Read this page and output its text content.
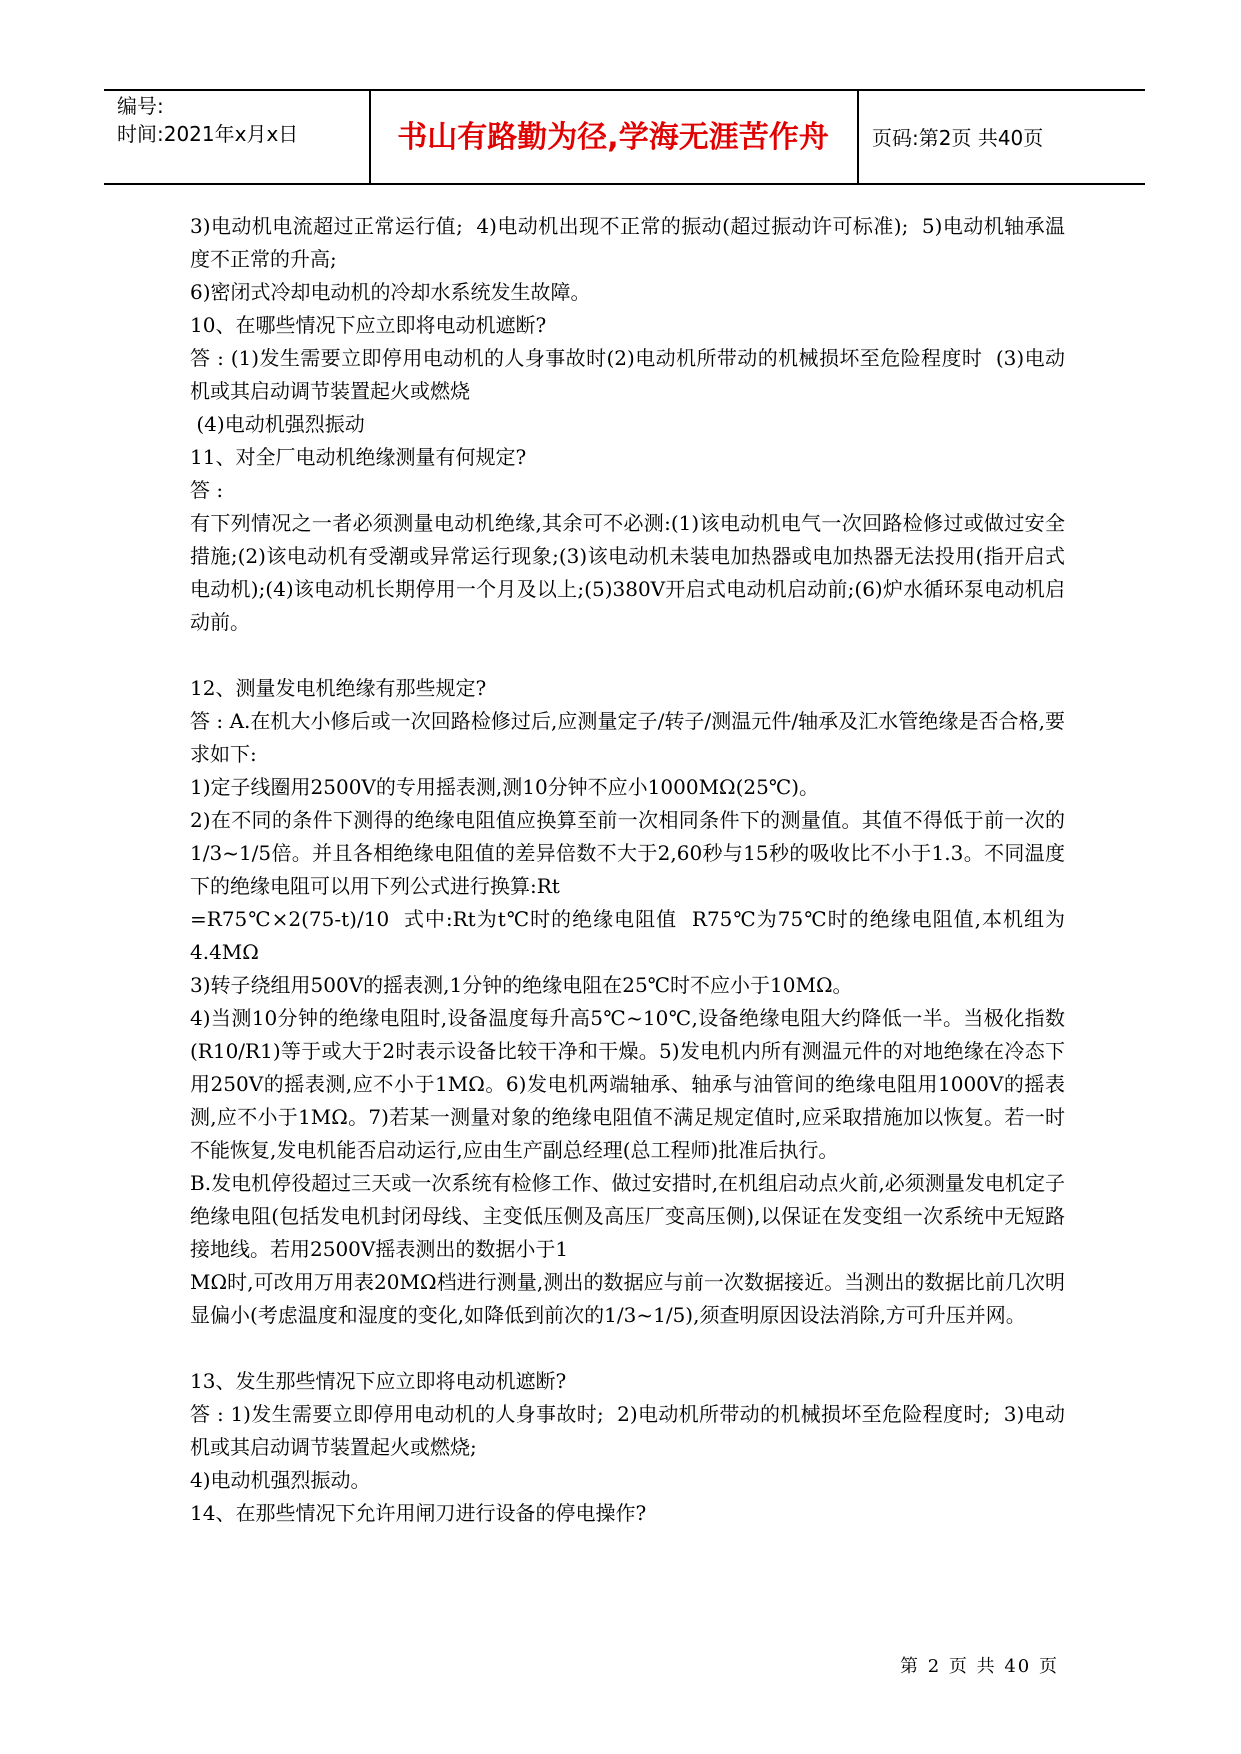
编号:
时间:2021年x月x日	书山有路勤为径,学海无涯苦作舟	页码:第2页 共40页

3)电动机电流超过正常运行值;  4)电动机出现不正常的振动(超过振动许可标准);  5)电动机轴承温度不正常的升高;

6)密闭式冷却电动机的冷却水系统发生故障。

10、在哪些情况下应立即将电动机遮断?

答 : (1)发生需要立即停用电动机的人身事故时(2)电动机所带动的机械损坏至危险程度时  (3)电动机或其启动调节装置起火或燃烧

(4)电动机强烈振动

11、对全厂电动机绝缘测量有何规定?

答 :

有下列情况之一者必须测量电动机绝缘,其余可不必测:(1)该电动机电气一次回路检修过或做过安全措施;(2)该电动机有受潮或异常运行现象;(3)该电动机未装电加热器或电加热器无法投用(指开启式电动机);(4)该电动机长期停用一个月及以上;(5)380V开启式电动机启动前;(6)炉水循环泵电动机启动前。

12、测量发电机绝缘有那些规定?

答 : A.在机大小修后或一次回路检修过后,应测量定子/转子/测温元件/轴承及汇水管绝缘是否合格,要求如下:

1)定子线圈用2500V的专用摇表测,测10分钟不应小1000MΩ(25℃)。

2)在不同的条件下测得的绝缘电阻值应换算至前一次相同条件下的测量值。其值不得低于前一次的1/3~1/5倍。并且各相绝缘电阻值的差异倍数不大于2,60秒与15秒的吸收比不小于1.3。不同温度下的绝缘电阻可以用下列公式进行换算:Rt

=R75℃×2(75-t)/10  式中:Rt为t℃时的绝缘电阻值  R75℃为75℃时的绝缘电阻值,本机组为4.4MΩ

3)转子绕组用500V的摇表测,1分钟的绝缘电阻在25℃时不应小于10MΩ。

4)当测10分钟的绝缘电阻时,设备温度每升高5℃~10℃,设备绝缘电阻大约降低一半。当极化指数(R10/R1)等于或大于2时表示设备比较干净和干燥。5)发电机内所有测温元件的对地绝缘在冷态下用250V的摇表测,应不小于1MΩ。6)发电机两端轴承、轴承与油管间的绝缘电阻用1000V的摇表测,应不小于1MΩ。7)若某一测量对象的绝缘电阻值不满足规定值时,应采取措施加以恢复。若一时不能恢复,发电机能否启动运行,应由生产副总经理(总工程师)批准后执行。

B.发电机停役超过三天或一次系统有检修工作、做过安措时,在机组启动点火前,必须测量发电机定子绝缘电阻(包括发电机封闭母线、主变低压侧及高压厂变高压侧),以保证在发变组一次系统中无短路接地线。若用2500V摇表测出的数据小于1

MΩ时,可改用万用表20MΩ档进行测量,测出的数据应与前一次数据接近。当测出的数据比前几次明显偏小(考虑温度和湿度的变化,如降低到前次的1/3~1/5),须查明原因设法消除,方可升压并网。

13、发生那些情况下应立即将电动机遮断?

答 : 1)发生需要立即停用电动机的人身事故时;  2)电动机所带动的机械损坏至危险程度时;  3)电动机或其启动调节装置起火或燃烧;

4)电动机强烈振动。

14、在那些情况下允许用闸刀进行设备的停电操作?

第 2 页 共 40 页
